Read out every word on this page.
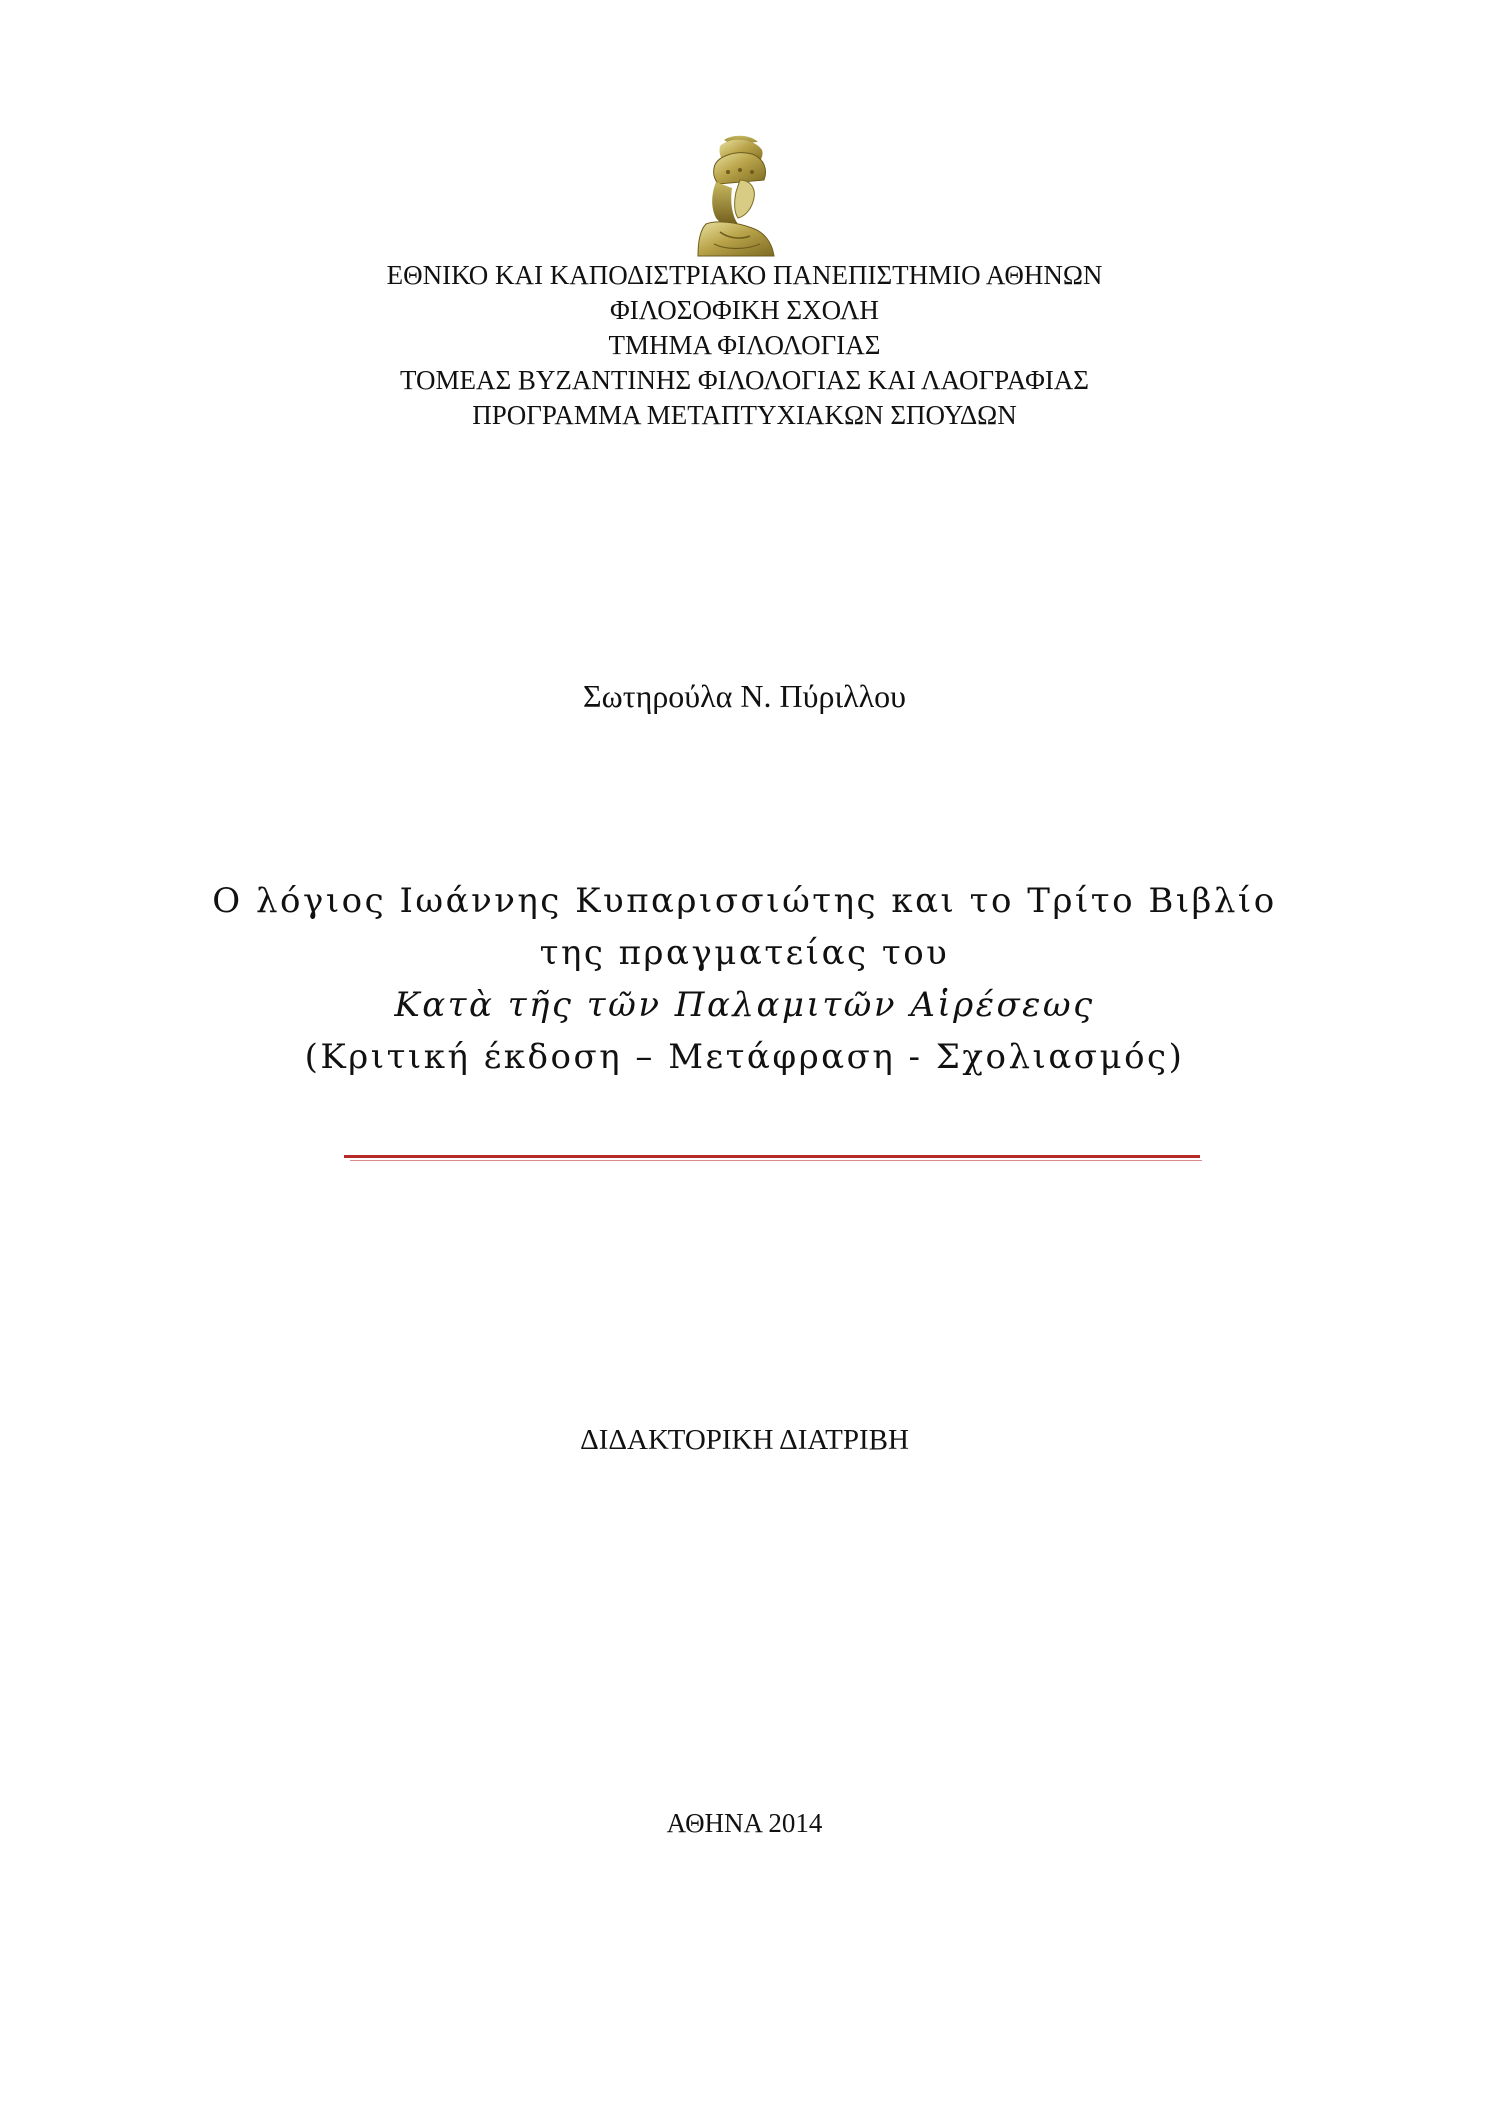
ΕΘΝΙΚΟ ΚΑΙ ΚΑΠΟΔΙΣΤΡΙΑΚΟ ΠΑΝΕΠΙΣΤΗΜΙΟ ΑΘΗΝΩΝ
ΦΙΛΟΣΟΦΙΚΗ ΣΧΟΛΗ
ΤΜΗΜΑ ΦΙΛΟΛΟΓΙΑΣ
ΤΟΜΕΑΣ ΒΥΖΑΝΤΙΝΗΣ ΦΙΛΟΛΟΓΙΑΣ ΚΑΙ ΛΑΟΓΡΑΦΙΑΣ
ΠΡΟΓΡΑΜΜΑ ΜΕΤΑΠΤΥΧΙΑΚΩΝ ΣΠΟΥΔΩΝ
Σωτηρούλα Ν. Πύριλλου
Ο λόγιος Ιωάννης Κυπαρισσιώτης και το Τρίτο Βιβλίο
της πραγματείας του
Κατὰ τῆς τῶν Παλαμιτῶν Αἱρέσεως
(Κριτική έκδοση – Μετάφραση - Σχολιασμός)
ΔΙΔΑΚΤΟΡΙΚΗ ΔΙΑΤΡΙΒΗ
ΑΘΗΝΑ 2014
